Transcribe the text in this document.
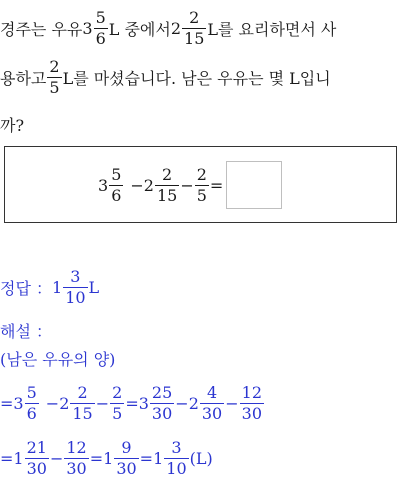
경주는 우유 $3 \frac{5}{6}$ L 중에서 $2 \frac{2}{15}$ L를 요리하면서 사
용하고 $\frac{2}{5}$ L를 마셨습니다. 남은 우유는 몇 L입니
까?
$3 \frac{5}{6} - 2 \frac{2}{15} - \frac{2}{5}$ =
정답 ： $1 \frac{3}{10}$ L
해설 ：
(남은 우유의 양)
= $3 \frac{5}{6} - 2 \frac{2}{15} - \frac{2}{5} = 3 \frac{25}{30} - 2 \frac{4}{30} - \frac{12}{30}$
= $1 \frac{21}{30} - \frac{12}{30} = 1 \frac{9}{30} = 1 \frac{3}{10} (L)$
